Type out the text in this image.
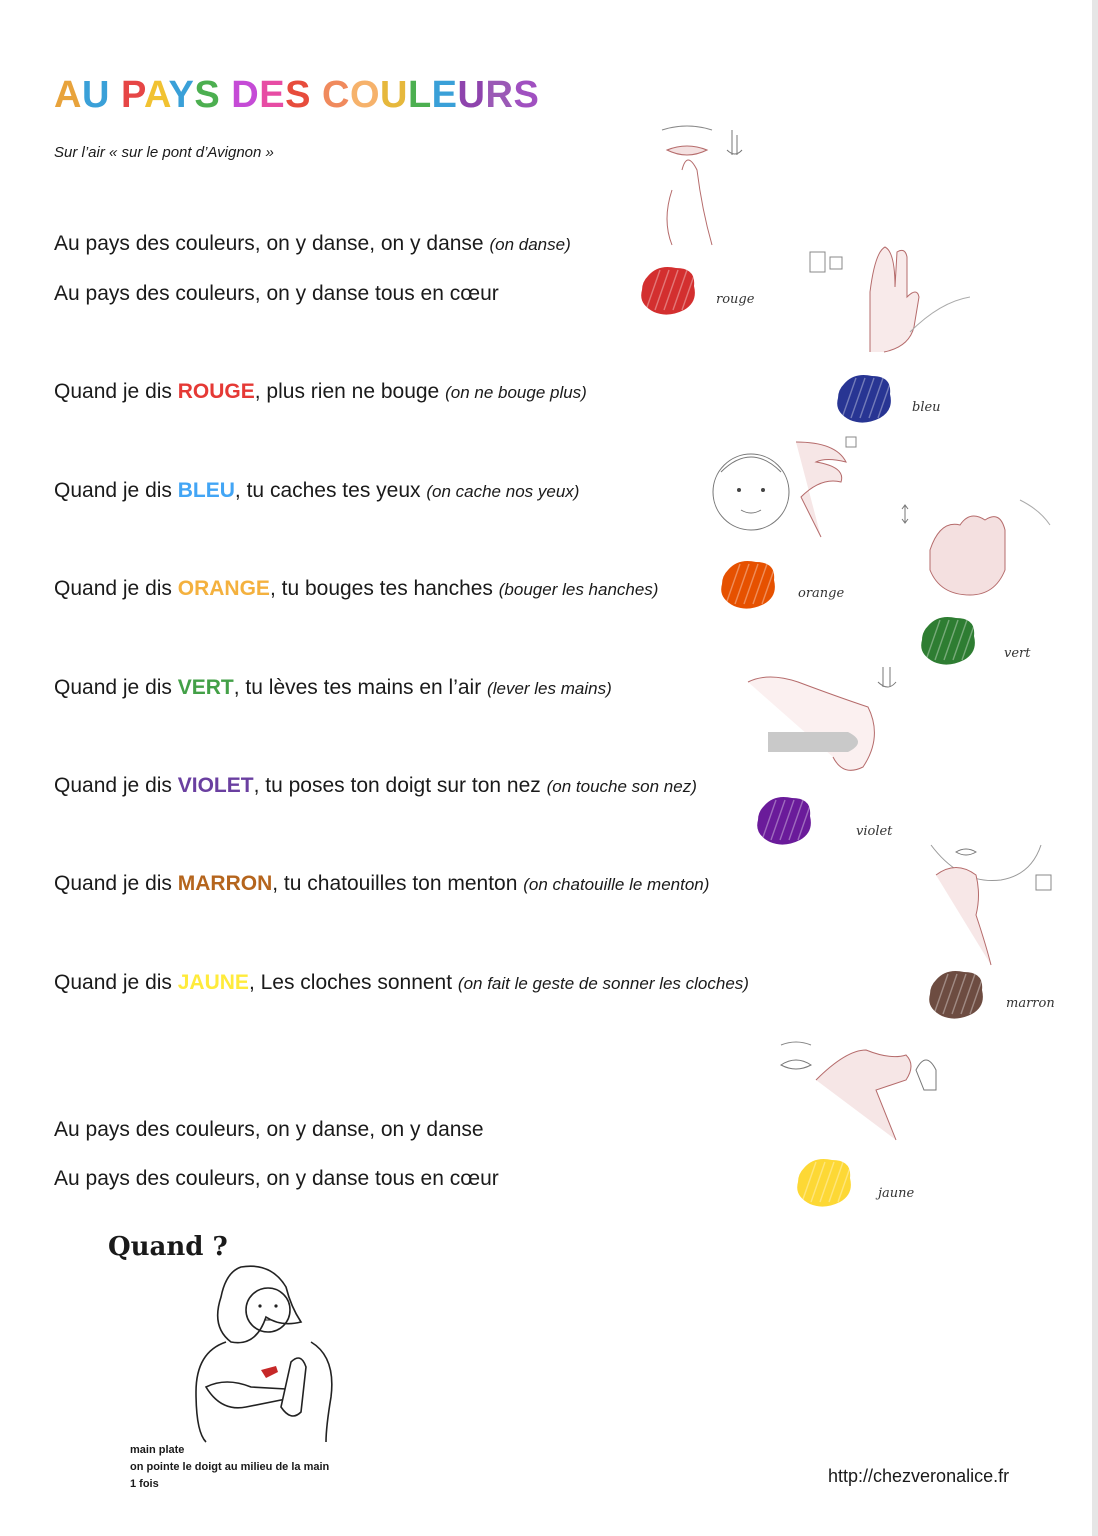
AU PAYS DES COULEURS
Sur l’air « sur le pont d’Avignon »
Au pays des couleurs, on y danse, on y danse (on danse)
Au pays des couleurs, on y danse tous en cœur
Quand je dis ROUGE, plus rien ne bouge (on ne bouge plus)
Quand je dis BLEU, tu caches tes yeux (on cache nos yeux)
Quand je dis ORANGE, tu bouges tes hanches (bouger les hanches)
Quand je dis VERT, tu lèves tes mains en l’air (lever les mains)
Quand je dis VIOLET, tu poses ton doigt sur ton nez (on touche son nez)
Quand je dis MARRON, tu chatouilles ton menton (on chatouille le menton)
Quand je dis JAUNE, Les cloches sonnent (on fait le geste de sonner les cloches)
Au pays des couleurs, on y danse, on y danse
Au pays des couleurs, on y danse tous en cœur
rouge
bleu
orange
vert
violet
marron
jaune
Quand ?
main plate
on pointe le doigt au milieu de la main
1 fois	http://chezveronalice.fr
